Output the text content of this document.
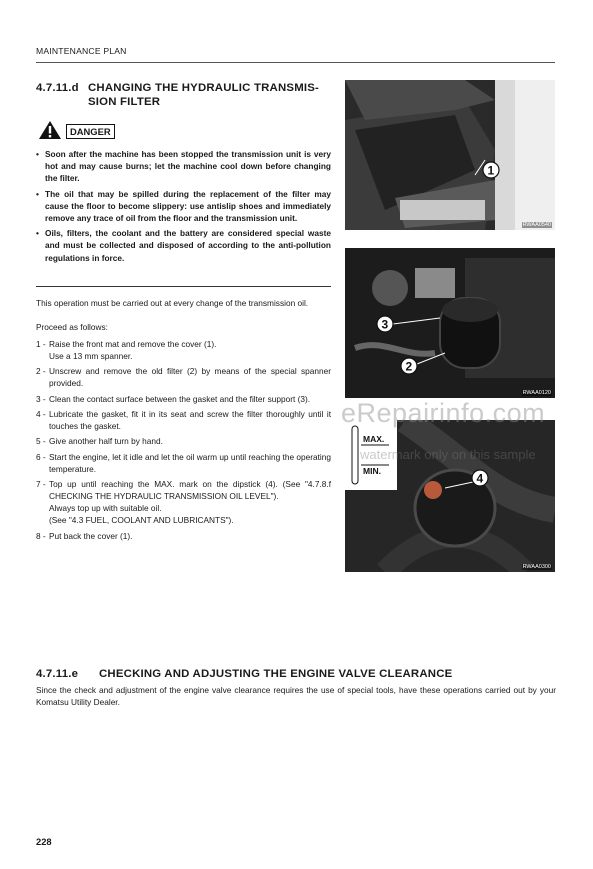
MAINTENANCE PLAN
4.7.11.d CHANGING THE HYDRAULIC TRANSMIS-
SION FILTER
DANGER
• Soon after the machine has been stopped the transmission unit is very hot and may cause burns; let the machine cool down before changing the filter.
• The oil that may be spilled during the replacement of the filter may cause the floor to become slippery: use antislip shoes and immediately remove any trace of oil from the floor and the transmission unit.
• Oils, filters, the coolant and the battery are considered special waste and must be collected and disposed of according to the anti-pollution regulations in force.
This operation must be carried out at every change of the transmission oil.
Proceed as follows:
1 - Raise the front mat and remove the cover (1).
Use a 13 mm spanner.
2 - Unscrew and remove the old filter (2) by means of the special spanner provided.
3 - Clean the contact surface between the gasket and the filter support (3).
4 - Lubricate the gasket, fit it in its seat and screw the filter thoroughly until it touches the gasket.
5 - Give another half turn by hand.
6 - Start the engine, let it idle and let the oil warm up until reaching the operating temperature.
7 - Top up until reaching the MAX. mark on the dipstick (4). (See "4.7.8.f CHECKING THE HYDRAULIC TRANSMISSION OIL LEVEL").
Always top up with suitable oil.
(See "4.3 FUEL, COOLANT AND LUBRICANTS").
8 - Put back the cover (1).
1
RWAA0540
3
2
RWAA0120
4
MAX.
MIN.
RWAA0300
eRepairinfo.com
watermark only on this sample
4.7.11.e CHECKING AND ADJUSTING THE ENGINE VALVE CLEARANCE
Since the check and adjustment of the engine valve clearance requires the use of special tools, have these operations carried out by your Komatsu Utility Dealer.
228
